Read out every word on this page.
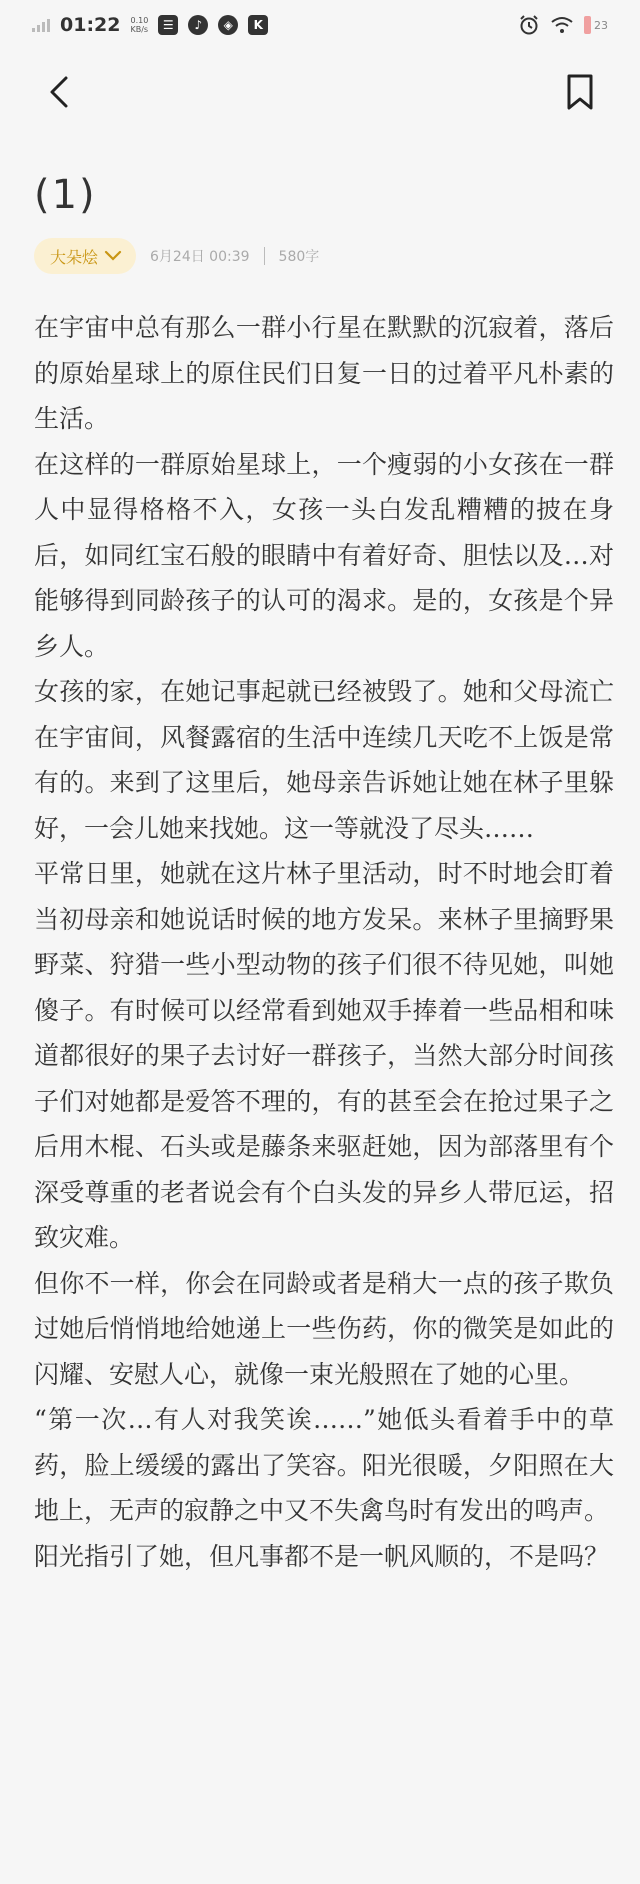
01:22 0.10
KB/s	☰	♪	◈	K	23
(1)
大朵烩	6月24日 00:39 580字

在宇宙中总有那么一群小行星在默默的沉寂着，落后的原始星球上的原住民们日复一日的过着平凡朴素的生活。

在这样的一群原始星球上，一个瘦弱的小女孩在一群人中显得格格不入，女孩一头白发乱糟糟的披在身后，如同红宝石般的眼睛中有着好奇、胆怯以及…对能够得到同龄孩子的认可的渴求。是的，女孩是个异乡人。

女孩的家，在她记事起就已经被毁了。她和父母流亡在宇宙间，风餐露宿的生活中连续几天吃不上饭是常有的。来到了这里后，她母亲告诉她让她在林子里躲好，一会儿她来找她。这一等就没了尽头……

平常日里，她就在这片林子里活动，时不时地会盯着当初母亲和她说话时候的地方发呆。来林子里摘野果野菜、狩猎一些小型动物的孩子们很不待见她，叫她傻子。有时候可以经常看到她双手捧着一些品相和味道都很好的果子去讨好一群孩子，当然大部分时间孩子们对她都是爱答不理的，有的甚至会在抢过果子之后用木棍、石头或是藤条来驱赶她，因为部落里有个深受尊重的老者说会有个白头发的异乡人带厄运，招致灾难。

但你不一样，你会在同龄或者是稍大一点的孩子欺负过她后悄悄地给她递上一些伤药，你的微笑是如此的闪耀、安慰人心，就像一束光般照在了她的心里。

“第一次…有人对我笑诶……”她低头看着手中的草药，脸上缓缓的露出了笑容。阳光很暖，夕阳照在大地上，无声的寂静之中又不失禽鸟时有发出的鸣声。

阳光指引了她，但凡事都不是一帆风顺的，不是吗？
